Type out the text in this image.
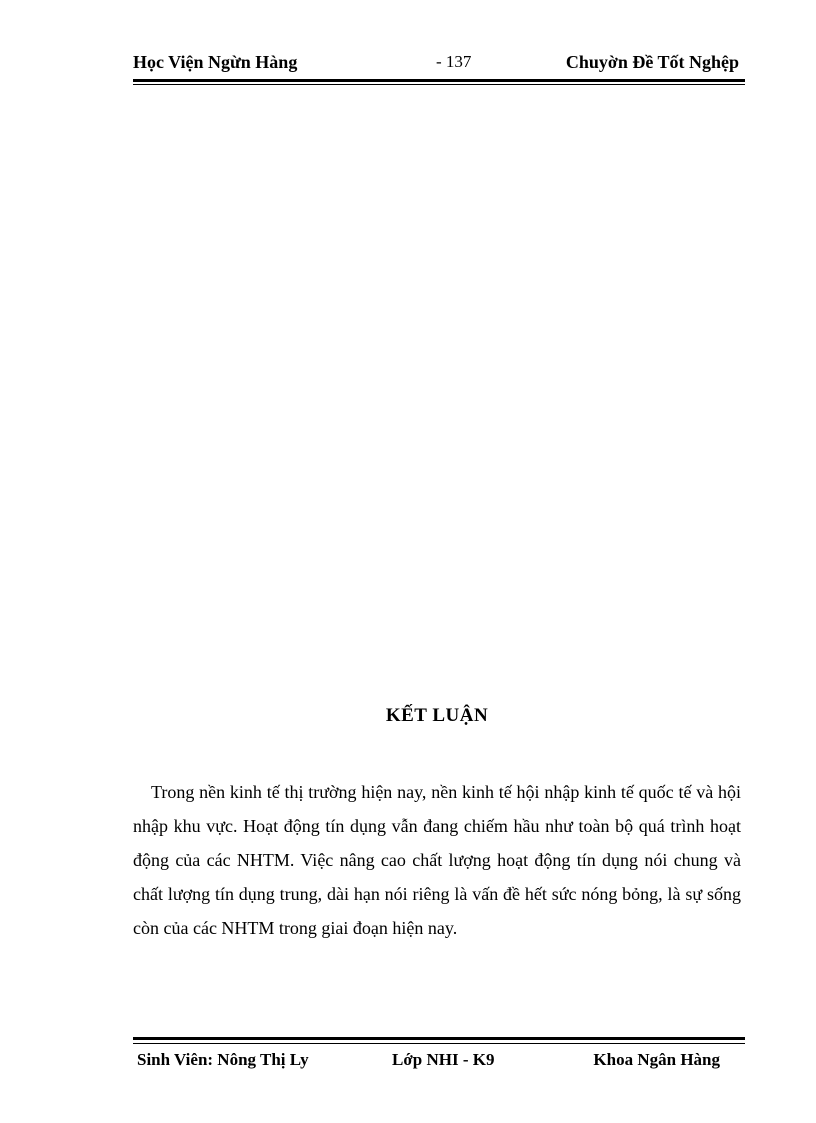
Học Viện Ngừn Hàng	- 137	Chuyờn Đề Tốt Nghệp
KẾT LUẬN

Trong nền kinh tế thị trường hiện nay, nền kinh tế hội nhập kinh tế quốc tế và hội nhập khu vực. Hoạt động tín dụng vẫn đang chiếm hầu như toàn bộ quá trình hoạt động của các NHTM. Việc nâng cao chất lượng hoạt động tín dụng nói chung và chất lượng tín dụng trung, dài hạn nói riêng là vấn đề hết sức nóng bỏng, là sự sống còn của các NHTM trong giai đoạn hiện nay.

Sinh Viên: Nông Thị Ly	Lớp NHI - K9	Khoa Ngân Hàng
